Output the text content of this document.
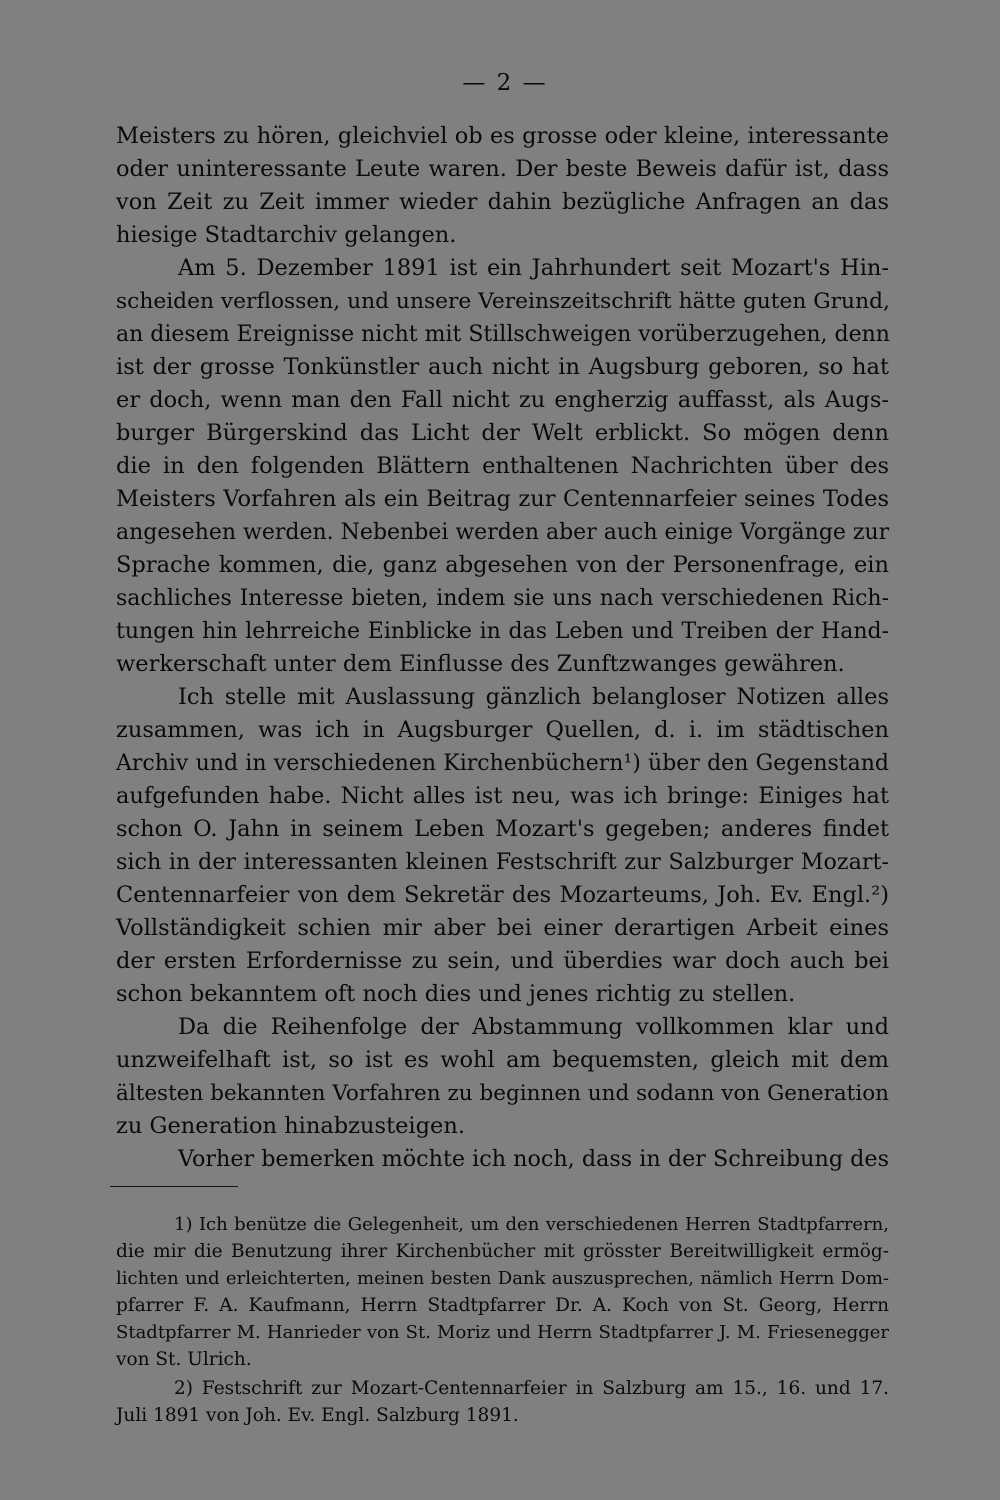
— 2 —
Meisters zu hören, gleichviel ob es grosse oder kleine, interessante
oder uninteressante Leute waren. Der beste Beweis dafür ist, dass
von Zeit zu Zeit immer wieder dahin bezügliche Anfragen an das
hiesige Stadtarchiv gelangen.
Am 5. Dezember 1891 ist ein Jahrhundert seit Mozart's Hin-
scheiden verflossen, und unsere Vereinszeitschrift hätte guten Grund,
an diesem Ereignisse nicht mit Stillschweigen vorüberzugehen, denn
ist der grosse Tonkünstler auch nicht in Augsburg geboren, so hat
er doch, wenn man den Fall nicht zu engherzig auffasst, als Augs-
burger Bürgerskind das Licht der Welt erblickt. So mögen denn
die in den folgenden Blättern enthaltenen Nachrichten über des
Meisters Vorfahren als ein Beitrag zur Centennarfeier seines Todes
angesehen werden. Nebenbei werden aber auch einige Vorgänge zur
Sprache kommen, die, ganz abgesehen von der Personenfrage, ein
sachliches Interesse bieten, indem sie uns nach verschiedenen Rich-
tungen hin lehrreiche Einblicke in das Leben und Treiben der Hand-
werkerschaft unter dem Einflusse des Zunftzwanges gewähren.
Ich stelle mit Auslassung gänzlich belangloser Notizen alles
zusammen, was ich in Augsburger Quellen, d. i. im städtischen
Archiv und in verschiedenen Kirchenbüchern¹) über den Gegenstand
aufgefunden habe. Nicht alles ist neu, was ich bringe: Einiges hat
schon O. Jahn in seinem Leben Mozart's gegeben; anderes findet
sich in der interessanten kleinen Festschrift zur Salzburger Mozart-
Centennarfeier von dem Sekretär des Mozarteums, Joh. Ev. Engl.²)
Vollständigkeit schien mir aber bei einer derartigen Arbeit eines
der ersten Erfordernisse zu sein, und überdies war doch auch bei
schon bekanntem oft noch dies und jenes richtig zu stellen.
Da die Reihenfolge der Abstammung vollkommen klar und
unzweifelhaft ist, so ist es wohl am bequemsten, gleich mit dem
ältesten bekannten Vorfahren zu beginnen und sodann von Generation
zu Generation hinabzusteigen.
Vorher bemerken möchte ich noch, dass in der Schreibung des
1) Ich benütze die Gelegenheit, um den verschiedenen Herren Stadtpfarrern,
die mir die Benutzung ihrer Kirchenbücher mit grösster Bereitwilligkeit ermög-
lichten und erleichterten, meinen besten Dank auszusprechen, nämlich Herrn Dom-
pfarrer F. A. Kaufmann, Herrn Stadtpfarrer Dr. A. Koch von St. Georg, Herrn
Stadtpfarrer M. Hanrieder von St. Moriz und Herrn Stadtpfarrer J. M. Friesenegger
von St. Ulrich.
2) Festschrift zur Mozart-Centennarfeier in Salzburg am 15., 16. und 17.
Juli 1891 von Joh. Ev. Engl. Salzburg 1891.
